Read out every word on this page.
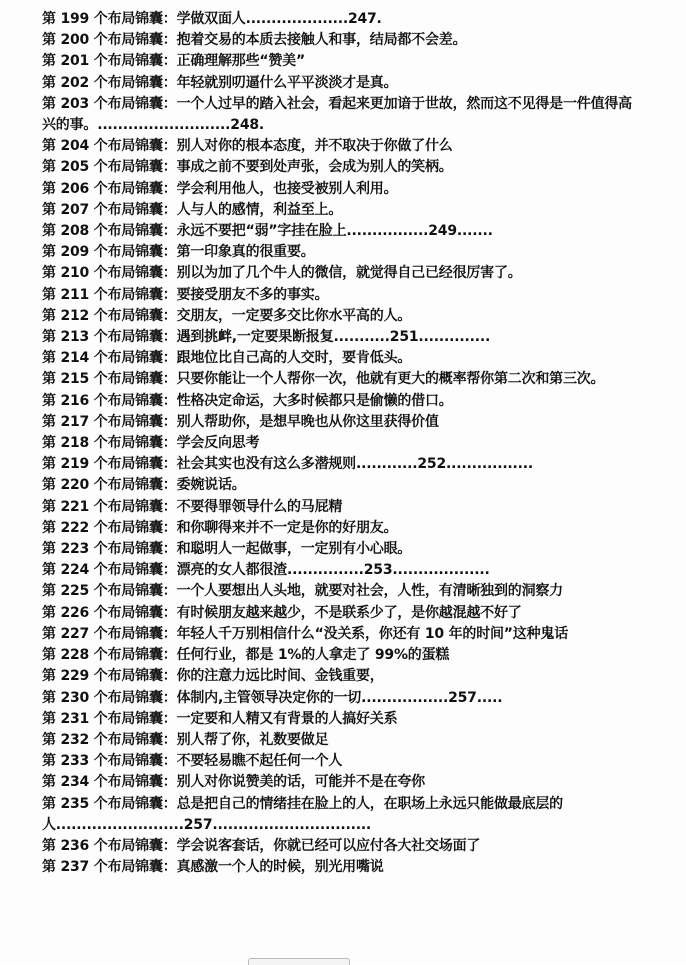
第 199 个布局锦囊：学做双面人....................247.
第 200 个布局锦囊：抱着交易的本质去接触人和事，结局都不会差。
第 201 个布局锦囊：正确理解那些“赞美”
第 202 个布局锦囊：年轻就别叨逼什么平平淡淡才是真。
第 203 个布局锦囊：一个人过早的踏入社会，看起来更加谙于世故，然而这不见得是一件值得高兴的事。..........................248.
第 204 个布局锦囊：别人对你的根本态度，并不取决于你做了什么
第 205 个布局锦囊：事成之前不要到处声张，会成为别人的笑柄。
第 206 个布局锦囊：学会利用他人，也接受被别人利用。
第 207 个布局锦囊：人与人的感情，利益至上。
第 208 个布局锦囊：永远不要把“弱”字挂在脸上................249.......
第 209 个布局锦囊：第一印象真的很重要。
第 210 个布局锦囊：别以为加了几个牛人的微信，就觉得自己已经很厉害了。
第 211 个布局锦囊：要接受朋友不多的事实。
第 212 个布局锦囊：交朋友，一定要多交比你水平高的人。
第 213 个布局锦囊：遇到挑衅,一定要果断报复...........251..............
第 214 个布局锦囊：跟地位比自己高的人交时，要肯低头。
第 215 个布局锦囊：只要你能让一个人帮你一次，他就有更大的概率帮你第二次和第三次。
第 216 个布局锦囊：性格决定命运，大多时候都只是偷懒的借口。
第 217 个布局锦囊：别人帮助你，是想早晚也从你这里获得价值
第 218 个布局锦囊：学会反向思考
第 219 个布局锦囊：社会其实也没有这么多潜规则............252.................
第 220 个布局锦囊：委婉说话。
第 221 个布局锦囊：不要得罪领导什么的马屁精
第 222 个布局锦囊：和你聊得来并不一定是你的好朋友。
第 223 个布局锦囊：和聪明人一起做事，一定别有小心眼。
第 224 个布局锦囊：漂亮的女人都很渣...............253...................
第 225 个布局锦囊：一个人要想出人头地，就要对社会，人性，有清晰独到的洞察力
第 226 个布局锦囊：有时候朋友越来越少，不是联系少了，是你越混越不好了
第 227 个布局锦囊：年轻人千万别相信什么“没关系，你还有 10 年的时间”这种鬼话
第 228 个布局锦囊：任何行业，都是 1%的人拿走了 99%的蛋糕
第 229 个布局锦囊：你的注意力远比时间、金钱重要，
第 230 个布局锦囊：体制内,主管领导决定你的一切.................257.....
第 231 个布局锦囊：一定要和人精又有背景的人搞好关系
第 232 个布局锦囊：别人帮了你，礼数要做足
第 233 个布局锦囊：不要轻易瞧不起任何一个人
第 234 个布局锦囊：别人对你说赞美的话，可能并不是在夸你
第 235 个布局锦囊：总是把自己的情绪挂在脸上的人，在职场上永远只能做最底层的人.........................257...............................
第 236 个布局锦囊：学会说客套话，你就已经可以应付各大社交场面了
第 237 个布局锦囊：真感激一个人的时候，别光用嘴说
